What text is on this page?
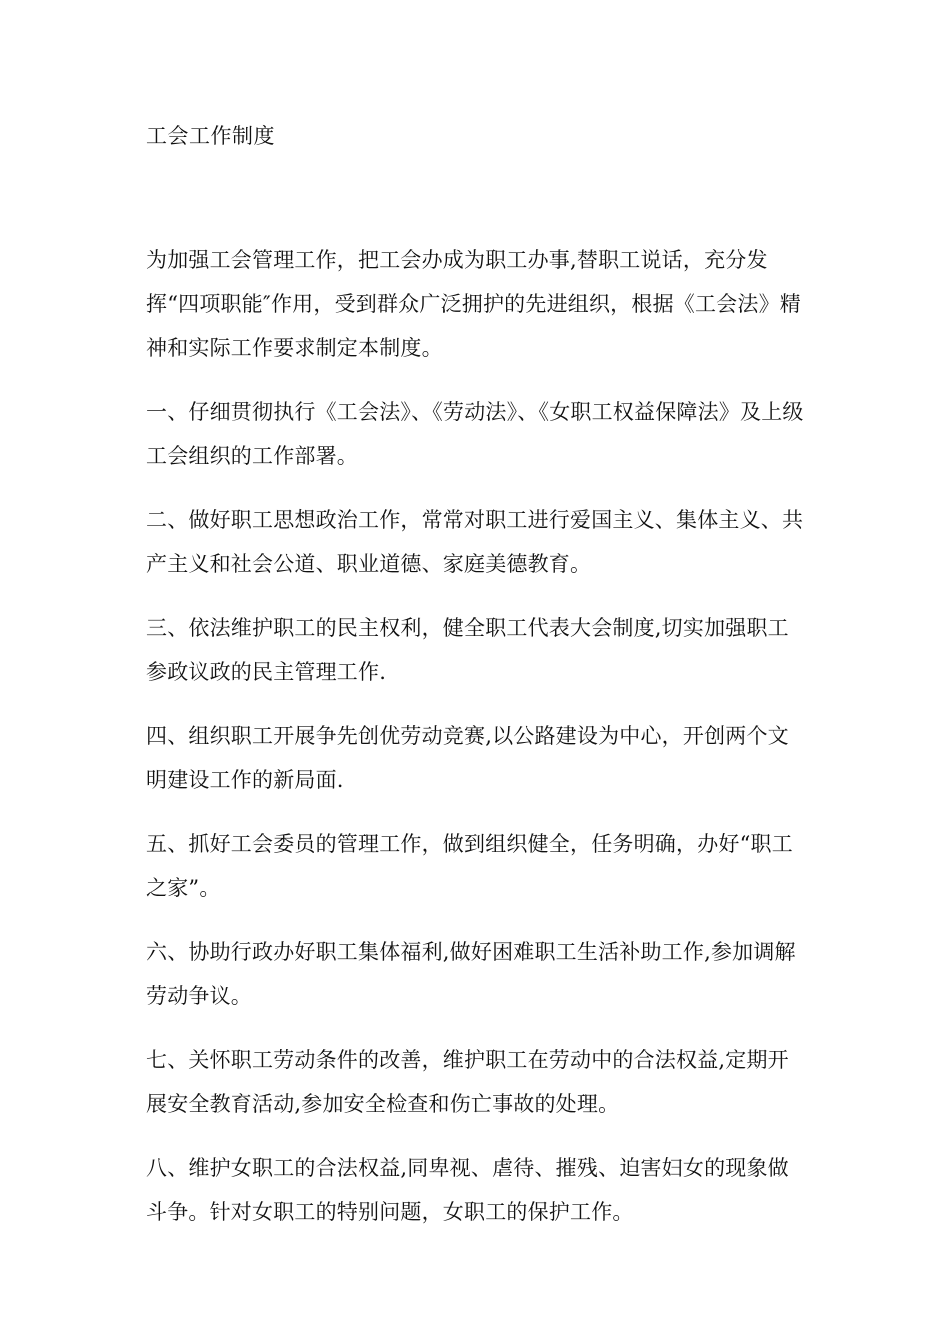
工会工作制度

为加强工会管理工作，把工会办成为职工办事,替职工说话，充分发挥“四项职能″作用，受到群众广泛拥护的先进组织，根据《工会法》精神和实际工作要求制定本制度。

一、仔细贯彻执行《工会法》、《劳动法》、《女职工权益保障法》及上级工会组织的工作部署。

二、做好职工思想政治工作，常常对职工进行爱国主义、集体主义、共产主义和社会公道、职业道德、家庭美德教育。

三、依法维护职工的民主权利，健全职工代表大会制度,切实加强职工参政议政的民主管理工作.

四、组织职工开展争先创优劳动竞赛,以公路建设为中心，开创两个文明建设工作的新局面.

五、抓好工会委员的管理工作，做到组织健全，任务明确，办好“职工之家”。

六、协助行政办好职工集体福利,做好困难职工生活补助工作,参加调解劳动争议。

七、关怀职工劳动条件的改善，维护职工在劳动中的合法权益,定期开展安全教育活动,参加安全检查和伤亡事故的处理。

八、维护女职工的合法权益,同卑视、虐待、摧残、迫害妇女的现象做斗争。针对女职工的特别问题，女职工的保护工作。
